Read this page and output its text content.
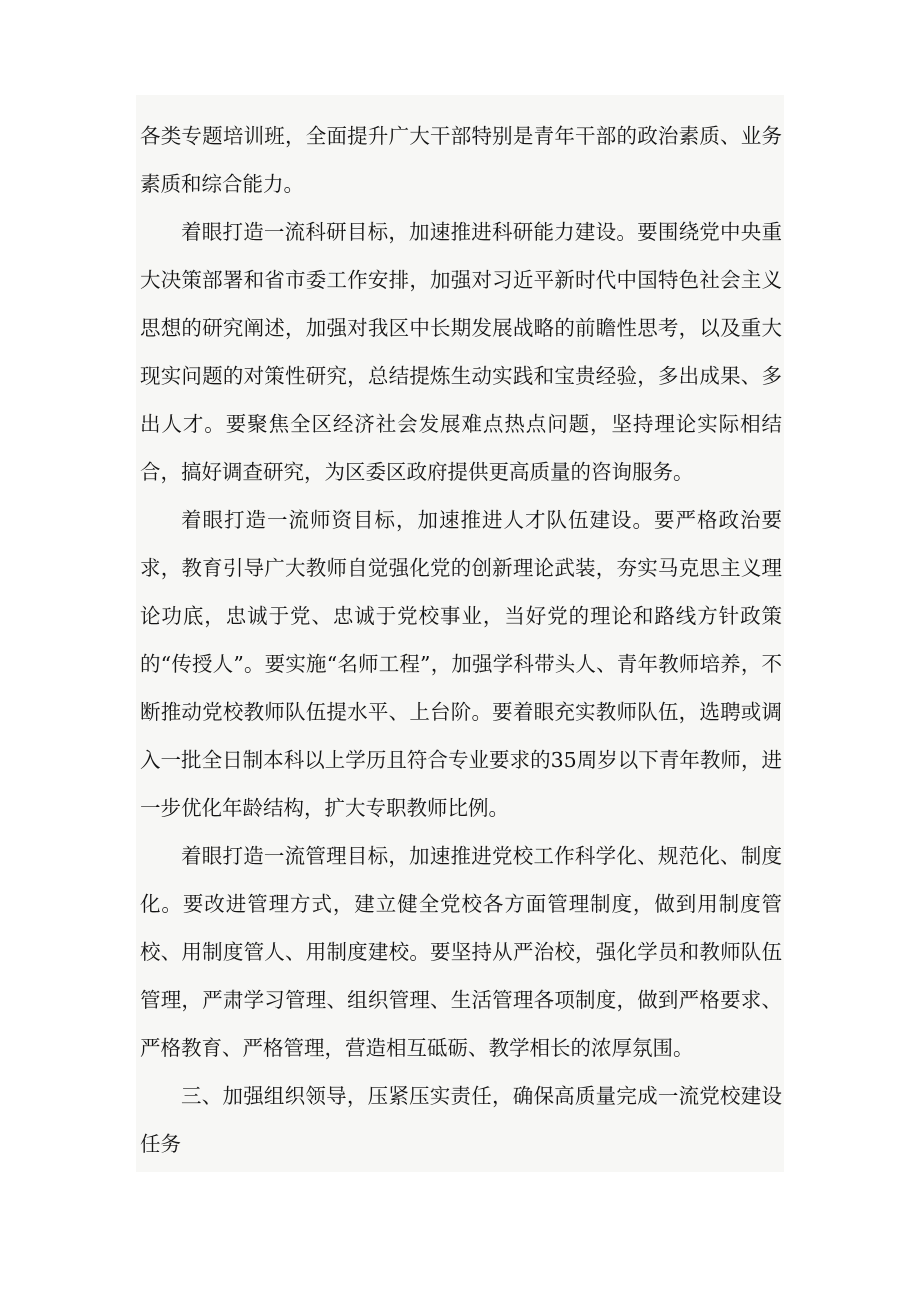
各类专题培训班，全面提升广大干部特别是青年干部的政治素质、业务素质和综合能力。

着眼打造一流科研目标，加速推进科研能力建设。要围绕党中央重大决策部署和省市委工作安排，加强对习近平新时代中国特色社会主义思想的研究阐述，加强对我区中长期发展战略的前瞻性思考，以及重大现实问题的对策性研究，总结提炼生动实践和宝贵经验，多出成果、多出人才。要聚焦全区经济社会发展难点热点问题，坚持理论实际相结合，搞好调查研究，为区委区政府提供更高质量的咨询服务。

着眼打造一流师资目标，加速推进人才队伍建设。要严格政治要求，教育引导广大教师自觉强化党的创新理论武装，夯实马克思主义理论功底，忠诚于党、忠诚于党校事业，当好党的理论和路线方针政策的“传授人”。要实施“名师工程”，加强学科带头人、青年教师培养，不断推动党校教师队伍提水平、上台阶。要着眼充实教师队伍，选聘或调入一批全日制本科以上学历且符合专业要求的35周岁以下青年教师，进一步优化年龄结构，扩大专职教师比例。

着眼打造一流管理目标，加速推进党校工作科学化、规范化、制度化。要改进管理方式，建立健全党校各方面管理制度，做到用制度管校、用制度管人、用制度建校。要坚持从严治校，强化学员和教师队伍管理，严肃学习管理、组织管理、生活管理各项制度，做到严格要求、严格教育、严格管理，营造相互砥砺、教学相长的浓厚氛围。

三、加强组织领导，压紧压实责任，确保高质量完成一流党校建设任务
